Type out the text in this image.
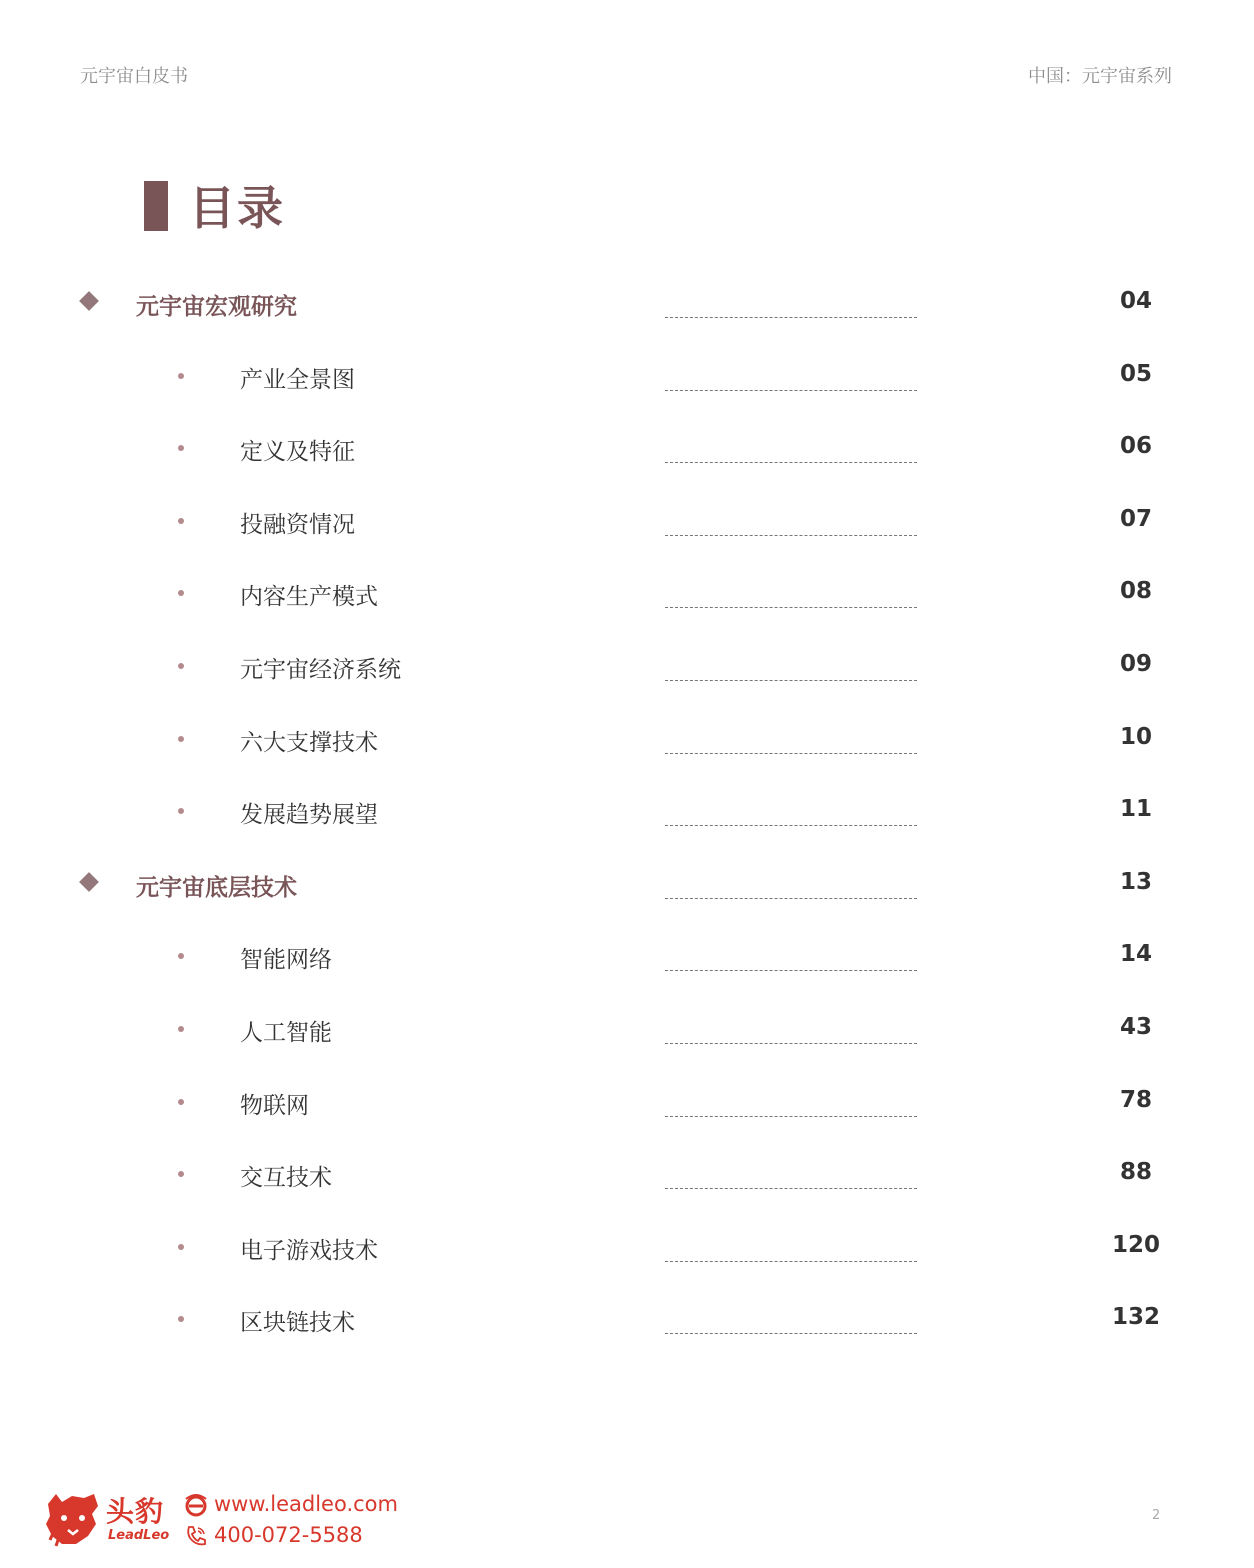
元宇宙白皮书	中国：元宇宙系列
目录
元宇宙宏观研究	04
产业全景图	05
定义及特征	06
投融资情况	07
内容生产模式	08
元宇宙经济系统	09
六大支撑技术	10
发展趋势展望	11
元宇宙底层技术	13
智能网络	14
人工智能	43
物联网	78
交互技术	88
电子游戏技术	120
区块链技术	132
头豹
LeadLeo
www.leadleo.com
400-072-5588
2
